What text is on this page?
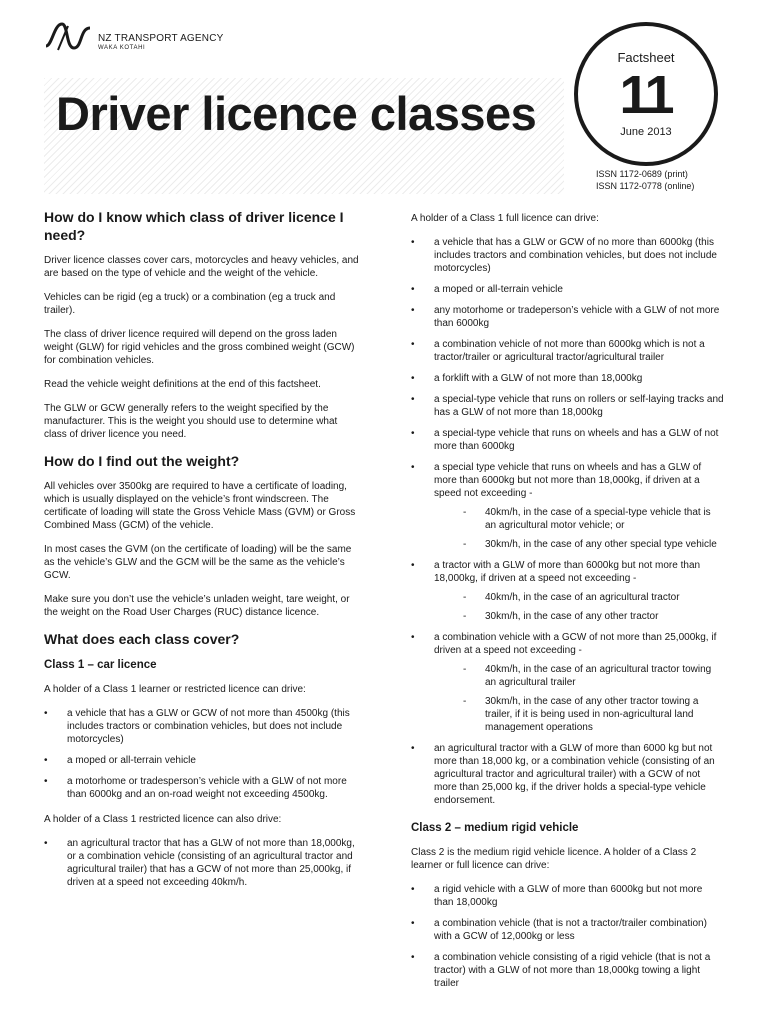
NZ TRANSPORT AGENCY
WAKA KOTAHI
Driver licence classes
Factsheet
11
June 2013
ISSN 1172-0689 (print)
ISSN 1172-0778 (online)
How do I know which class of driver licence I need?

Driver licence classes cover cars, motorcycles and heavy vehicles, and are based on the type of vehicle and the weight of the vehicle.

Vehicles can be rigid (eg a truck) or a combination (eg a truck and trailer).

The class of driver licence required will depend on the gross laden weight (GLW) for rigid vehicles and the gross combined weight (GCW) for combination vehicles.

Read the vehicle weight definitions at the end of this factsheet.

The GLW or GCW generally refers to the weight specified by the manufacturer. This is the weight you should use to determine what class of driver licence you need.

How do I find out the weight?

All vehicles over 3500kg are required to have a certificate of loading, which is usually displayed on the vehicle’s front windscreen. The certificate of loading will state the Gross Vehicle Mass (GVM) or Gross Combined Mass (GCM) of the vehicle.

In most cases the GVM (on the certificate of loading) will be the same as the vehicle’s GLW and the GCM will be the same as the vehicle’s GCW.

Make sure you don’t use the vehicle’s unladen weight, tare weight, or the weight on the Road User Charges (RUC) distance licence.

What does each class cover?
Class 1 – car licence

A holder of a Class 1 learner or restricted licence can drive:

• a vehicle that has a GLW or GCW of not more than 4500kg (this includes tractors or combination vehicles, but does not include motorcycles)
• a moped or all-terrain vehicle
• a motorhome or tradesperson’s vehicle with a GLW of not more than 6000kg and an on-road weight not exceeding 4500kg.

A holder of a Class 1 restricted licence can also drive:

• an agricultural tractor that has a GLW of not more than 18,000kg, or a combination vehicle (consisting of an agricultural tractor and agricultural trailer) that has a GCW of not more than 25,000kg, if driven at a speed not exceeding 40km/h.

A holder of a Class 1 full licence can drive:

• a vehicle that has a GLW or GCW of no more than 6000kg (this includes tractors and combination vehicles, but does not include motorcycles)
• a moped or all-terrain vehicle
• any motorhome or tradeperson’s vehicle with a GLW of not more than 6000kg
• a combination vehicle of not more than 6000kg which is not a tractor/trailer or agricultural tractor/agricultural trailer
• a forklift with a GLW of not more than 18,000kg
• a special-type vehicle that runs on rollers or self-laying tracks and has a GLW of not more than 18,000kg
• a special-type vehicle that runs on wheels and has a GLW of not more than 6000kg
• a special type vehicle that runs on wheels and has a GLW of more than 6000kg but not more than 18,000kg, if driven at a speed not exceeding -
- 40km/h, in the case of a special-type vehicle that is an agricultural motor vehicle; or
- 30km/h, in the case of any other special type vehicle
• a tractor with a GLW of more than 6000kg but not more than 18,000kg, if driven at a speed not exceeding -
- 40km/h, in the case of an agricultural tractor
- 30km/h, in the case of any other tractor
• a combination vehicle with a GCW of not more than 25,000kg, if driven at a speed not exceeding -
- 40km/h, in the case of an agricultural tractor towing an agricultural trailer
- 30km/h, in the case of any other tractor towing a trailer, if it is being used in non-agricultural land management operations
• an agricultural tractor with a GLW of more than 6000 kg but not more than 18,000 kg, or a combination vehicle (consisting of an agricultural tractor and agricultural trailer) with a GCW of not more than 25,000 kg, if the driver holds a special-type vehicle endorsement.
Class 2 – medium rigid vehicle

Class 2 is the medium rigid vehicle licence. A holder of a Class 2 learner or full licence can drive:

• a rigid vehicle with a GLW of more than 6000kg but not more than 18,000kg
• a combination vehicle (that is not a tractor/trailer combination) with a GCW of 12,000kg or less
• a combination vehicle consisting of a rigid vehicle (that is not a tractor) with a GLW of not more than 18,000kg towing a light trailer
